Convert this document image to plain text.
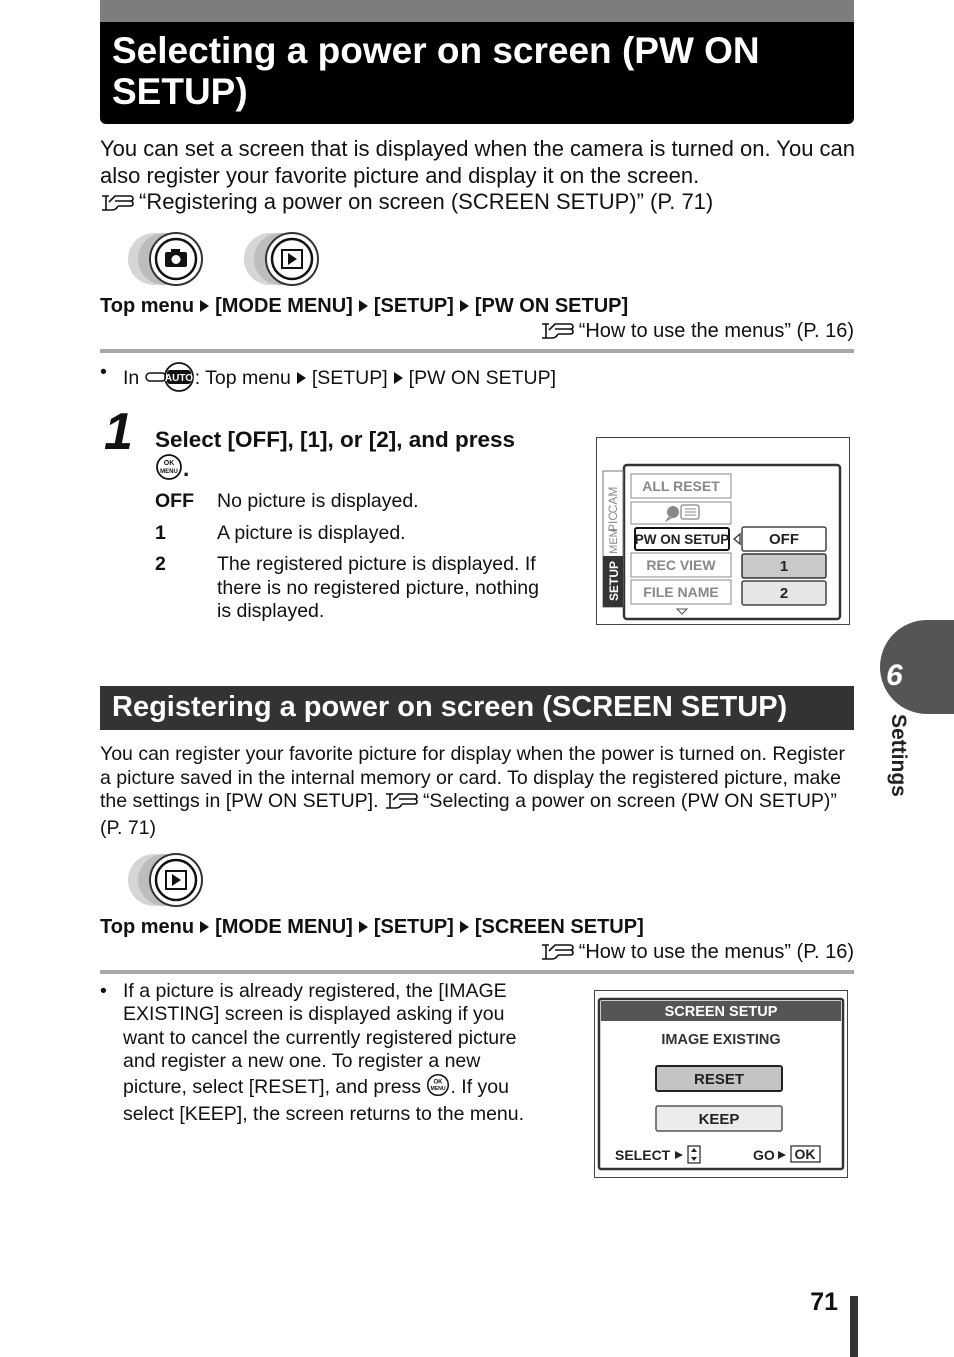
Selecting a power on screen (PW ON SETUP)
You can set a screen that is displayed when the camera is turned on. You can also register your favorite picture and display it on the screen.
“Registering a power on screen (SCREEN SETUP)” (P. 71)
Top menu [MODE MENU] [SETUP] [PW ON SETUP]
“How to use the menus” (P. 16)
• In	AUTO : Top menu [SETUP] [PW ON SETUP]
1 Select [OFF], [1], or [2], and press

OK
MENU .
OFF	No picture is displayed.
1	A picture is displayed.
2	The registered picture is displayed. If there is no registered picture, nothing is displayed.
CAM
PIC
MEM
SETUP
ALL RESET
PW ON SETUP
REC VIEW
FILE NAME
OFF
1
2
Registering a power on screen (SCREEN SETUP)
6
Settings
You can register your favorite picture for display when the power is turned on. Register a picture saved in the internal memory or card. To display the registered picture, make the settings in [PW ON SETUP]. “Selecting a power on screen (PW ON SETUP)” (P. 71)
Top menu [MODE MENU] [SETUP] [SCREEN SETUP]
“How to use the menus” (P. 16)
• If a picture is already registered, the [IMAGE EXISTING] screen is displayed asking if you want to cancel the currently registered picture and register a new one. To register a new picture, select [RESET], and press OK
MENU . If you select [KEEP], the screen returns to the menu.
SCREEN SETUP
IMAGE EXISTING
RESET
KEEP
SELECT	GO OK
71
